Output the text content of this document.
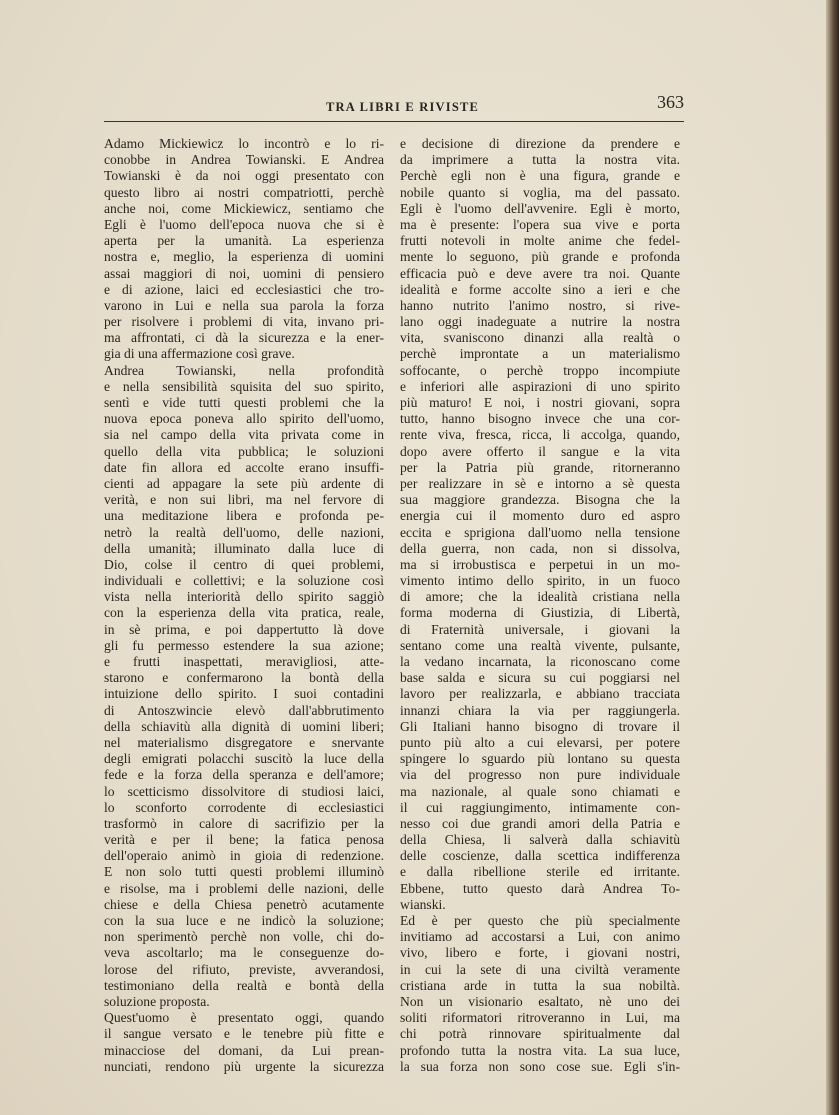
TRA LIBRI E RIVISTE	363
Adamo Mickiewicz lo incontrò e lo ri-
conobbe in Andrea Towianski. E Andrea
Towianski è da noi oggi presentato con
questo libro ai nostri compatriotti, perchè
anche noi, come Mickiewicz, sentiamo che
Egli è l'uomo dell'epoca nuova che si è
aperta per la umanità. La esperienza
nostra e, meglio, la esperienza di uomini
assai maggiori di noi, uomini di pensiero
e di azione, laici ed ecclesiastici che tro-
varono in Lui e nella sua parola la forza
per risolvere i problemi di vita, invano pri-
ma affrontati, ci dà la sicurezza e la ener-
gia di una affermazione così grave.
Andrea Towianski, nella profondità
e nella sensibilità squisita del suo spirito,
sentì e vide tutti questi problemi che la
nuova epoca poneva allo spirito dell'uomo,
sia nel campo della vita privata come in
quello della vita pubblica; le soluzioni
date fin allora ed accolte erano insuffi-
cienti ad appagare la sete più ardente di
verità, e non sui libri, ma nel fervore di
una meditazione libera e profonda pe-
netrò la realtà dell'uomo, delle nazioni,
della umanità; illuminato dalla luce di
Dio, colse il centro di quei problemi,
individuali e collettivi; e la soluzione così
vista nella interiorità dello spirito saggiò
con la esperienza della vita pratica, reale,
in sè prima, e poi dappertutto là dove
gli fu permesso estendere la sua azione;
e frutti inaspettati, meravigliosi, atte-
starono e confermarono la bontà della
intuizione dello spirito. I suoi contadini
di Antoszwincie elevò dall'abbrutimento
della schiavitù alla dignità di uomini liberi;
nel materialismo disgregatore e snervante
degli emigrati polacchi suscitò la luce della
fede e la forza della speranza e dell'amore;
lo scetticismo dissolvitore di studiosi laici,
lo sconforto corrodente di ecclesiastici
trasformò in calore di sacrifizio per la
verità e per il bene; la fatica penosa
dell'operaio animò in gioia di redenzione.
E non solo tutti questi problemi illuminò
e risolse, ma i problemi delle nazioni, delle
chiese e della Chiesa penetrò acutamente
con la sua luce e ne indicò la soluzione;
non sperimentò perchè non volle, chi do-
veva ascoltarlo; ma le conseguenze do-
lorose del rifiuto, previste, avverandosi,
testimoniano della realtà e bontà della
soluzione proposta.
Quest'uomo è presentato oggi, quando
il sangue versato e le tenebre più fitte e
minacciose del domani, da Lui prean-
nunciati, rendono più urgente la sicurezza
e decisione di direzione da prendere e
da imprimere a tutta la nostra vita.
Perchè egli non è una figura, grande e
nobile quanto si voglia, ma del passato.
Egli è l'uomo dell'avvenire. Egli è morto,
ma è presente: l'opera sua vive e porta
frutti notevoli in molte anime che fedel-
mente lo seguono, più grande e profonda
efficacia può e deve avere tra noi. Quante
idealità e forme accolte sino a ieri e che
hanno nutrito l'animo nostro, si rive-
lano oggi inadeguate a nutrire la nostra
vita, svaniscono dinanzi alla realtà o
perchè improntate a un materialismo
soffocante, o perchè troppo incompiute
e inferiori alle aspirazioni di uno spirito
più maturo! E noi, i nostri giovani, sopra
tutto, hanno bisogno invece che una cor-
rente viva, fresca, ricca, li accolga, quando,
dopo avere offerto il sangue e la vita
per la Patria più grande, ritorneranno
per realizzare in sè e intorno a sè questa
sua maggiore grandezza. Bisogna che la
energia cui il momento duro ed aspro
eccita e sprigiona dall'uomo nella tensione
della guerra, non cada, non si dissolva,
ma si irrobustisca e perpetui in un mo-
vimento intimo dello spirito, in un fuoco
di amore; che la idealità cristiana nella
forma moderna di Giustizia, di Libertà,
di Fraternità universale, i giovani la
sentano come una realtà vivente, pulsante,
la vedano incarnata, la riconoscano come
base salda e sicura su cui poggiarsi nel
lavoro per realizzarla, e abbiano tracciata
innanzi chiara la via per raggiungerla.
Gli Italiani hanno bisogno di trovare il
punto più alto a cui elevarsi, per potere
spingere lo sguardo più lontano su questa
via del progresso non pure individuale
ma nazionale, al quale sono chiamati e
il cui raggiungimento, intimamente con-
nesso coi due grandi amori della Patria e
della Chiesa, li salverà dalla schiavitù
delle coscienze, dalla scettica indifferenza
e dalla ribellione sterile ed irritante.
Ebbene, tutto questo darà Andrea To-
wianski.
Ed è per questo che più specialmente
invitiamo ad accostarsi a Lui, con animo
vivo, libero e forte, i giovani nostri,
in cui la sete di una civiltà veramente
cristiana arde in tutta la sua nobiltà.
Non un visionario esaltato, nè uno dei
soliti riformatori ritroveranno in Lui, ma
chi potrà rinnovare spiritualmente dal
profondo tutta la nostra vita. La sua luce,
la sua forza non sono cose sue. Egli s'in-
